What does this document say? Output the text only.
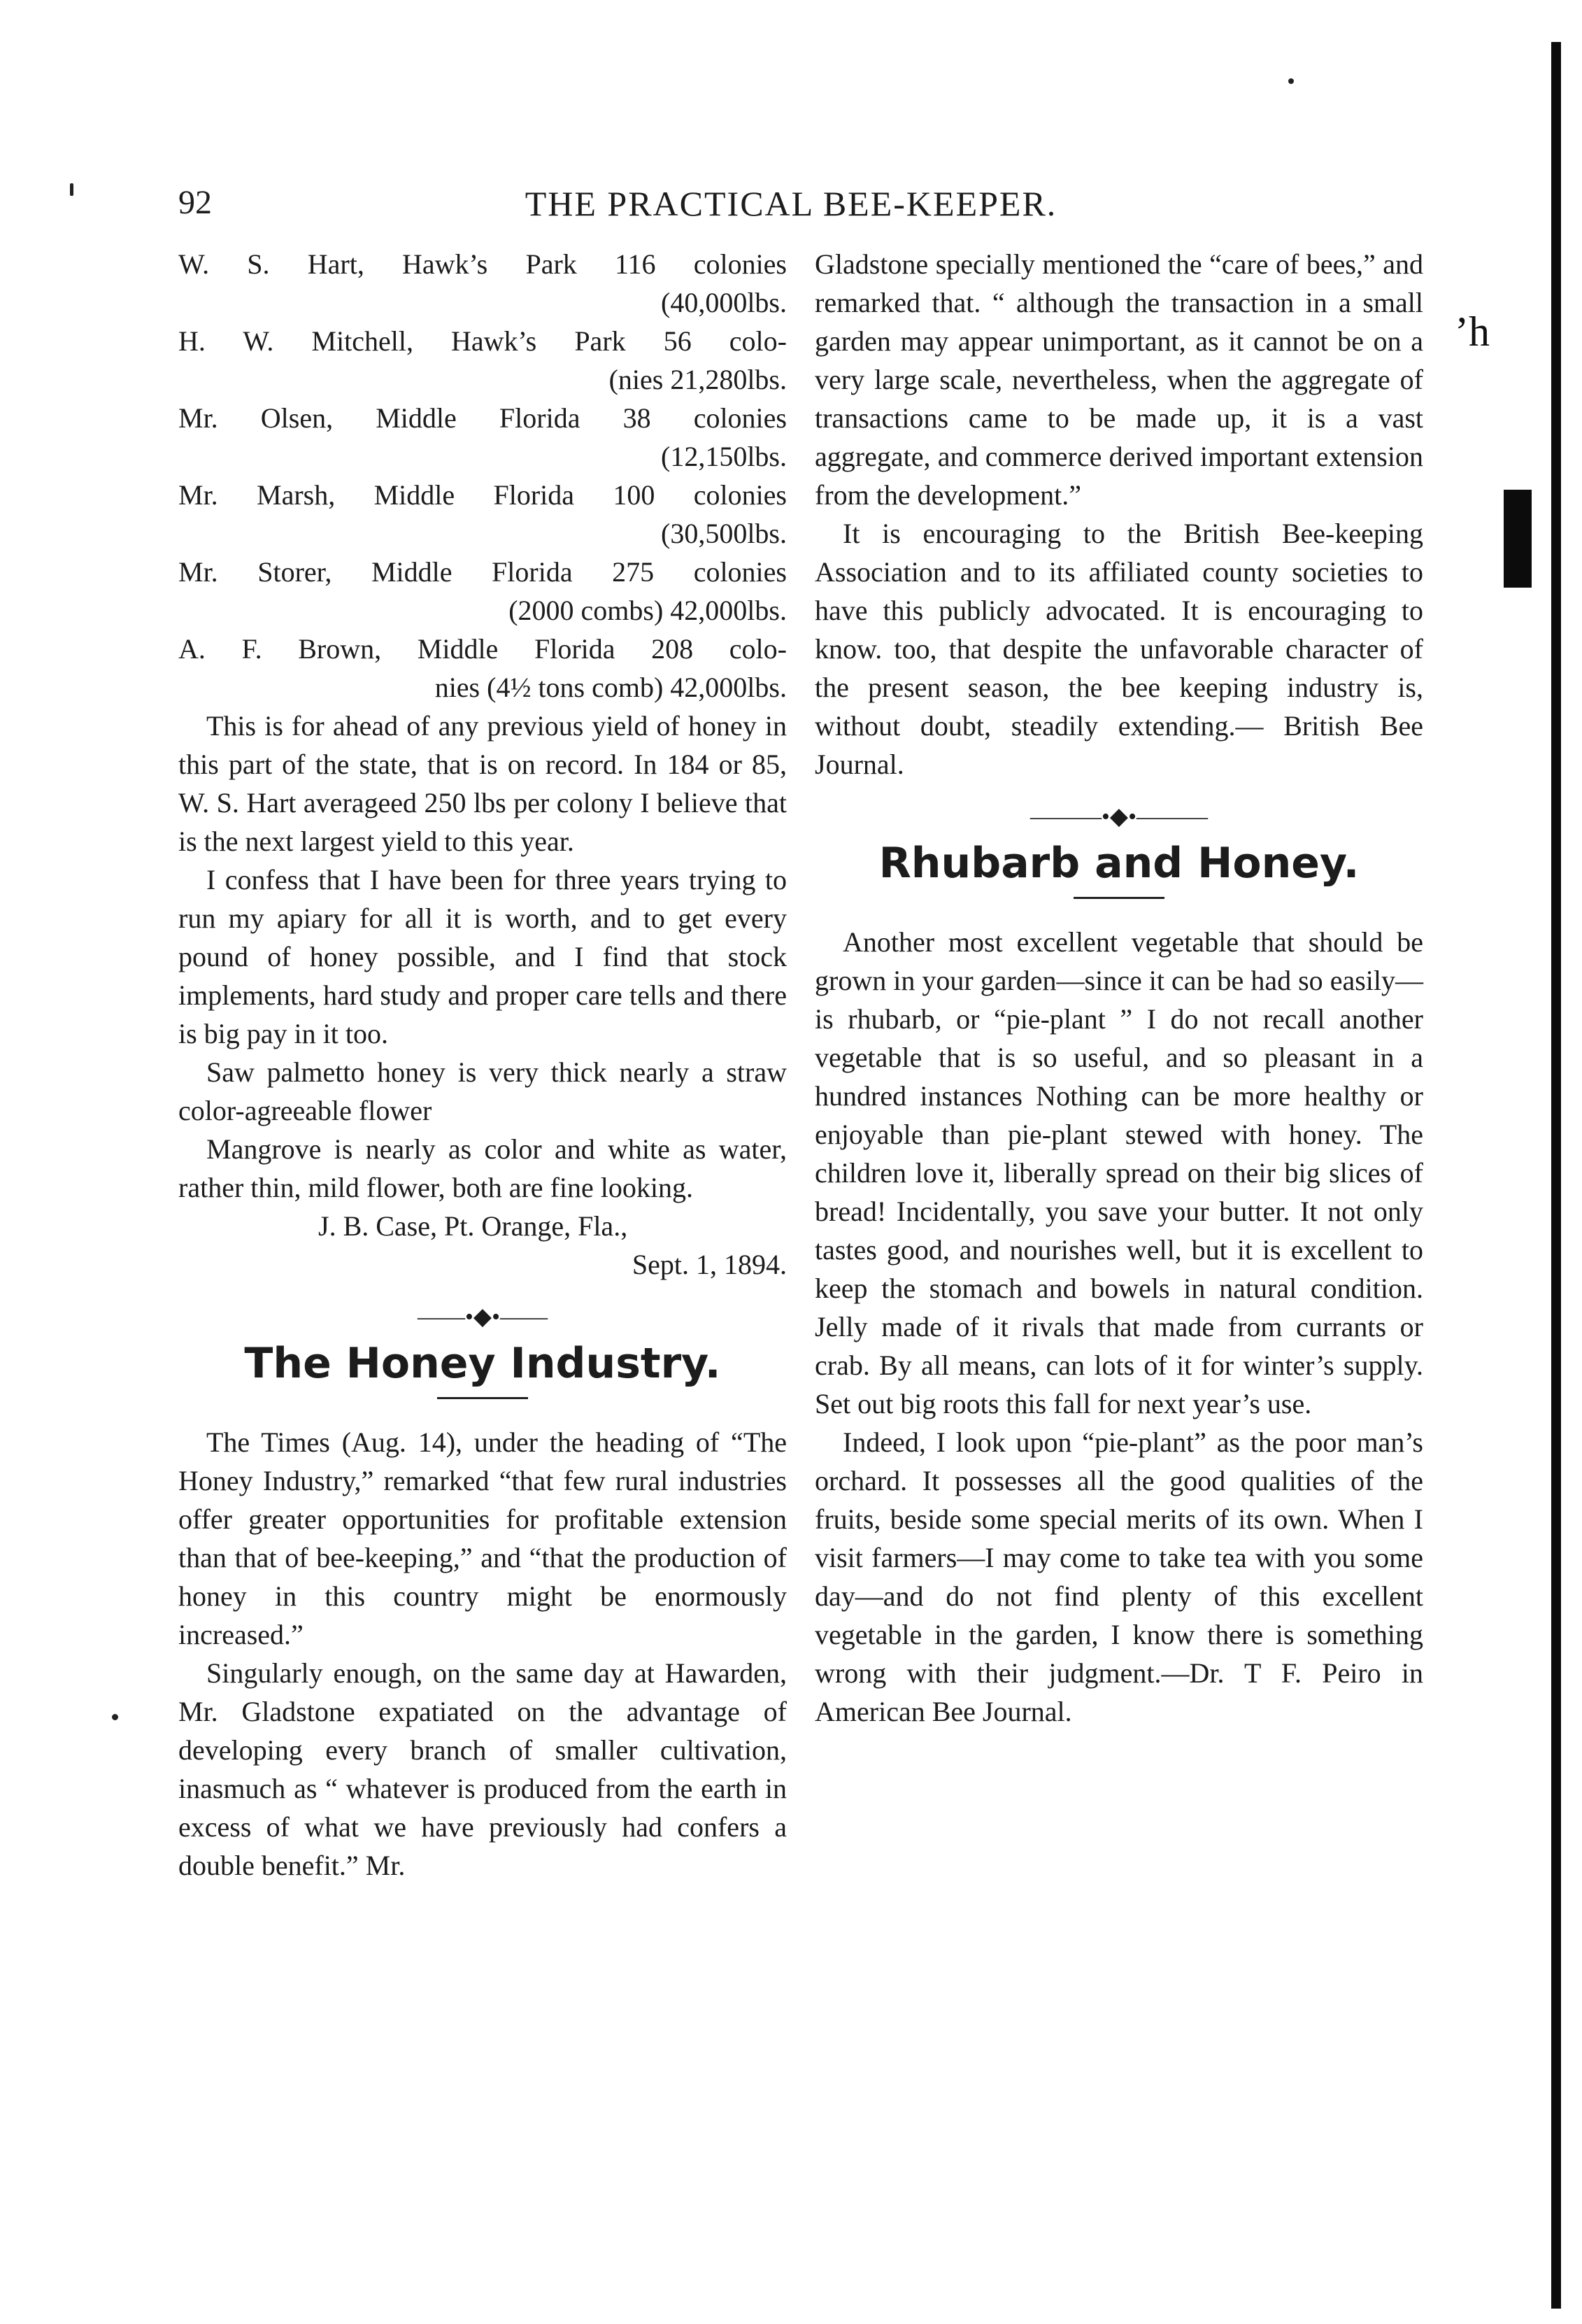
ʼh
92	THE PRACTICAL BEE-KEEPER.
W. S. Hart, Hawk’s Park 116 colonies
(40,000lbs.
H. W. Mitchell, Hawk’s Park 56 colo-
(nies 21,280lbs.
Mr. Olsen, Middle Florida 38 colonies
(12,150lbs.
Mr. Marsh, Middle Florida 100 colonies
(30,500lbs.
Mr. Storer, Middle Florida 275 colonies
(2000 combs) 42,000lbs.
A. F. Brown, Middle Florida 208 colo-
nies (4½ tons comb) 42,000lbs.

This is for ahead of any previous yield of honey in this part of the state, that is on record. In 184 or 85, W. S. Hart averageed 250 lbs per colony I believe that is the next largest yield to this year.

I confess that I have been for three years trying to run my apiary for all it is worth, and to get every pound of honey possible, and I find that stock implements, hard study and proper care tells and there is big pay in it too.

Saw palmetto honey is very thick nearly a straw color-agreeable flower

Mangrove is nearly as color and white as water, rather thin, mild flower, both are fine looking.

J. B. Case, Pt. Orange, Fla.,
Sept. 1, 1894.
——•◆•——
The Honey Industry.

The Times (Aug. 14), under the heading of “The Honey Industry,” remarked “that few rural industries offer greater opportunities for profitable extension than that of bee-keeping,” and “that the production of honey in this country might be enormously increased.”

Singularly enough, on the same day at Hawarden, Mr. Gladstone expatiated on the advantage of developing every branch of smaller cultivation, inasmuch as “ whatever is produced from the earth in excess of what we have previously had confers a double benefit.” Mr.

Gladstone specially mentioned the “care of bees,” and remarked that. “ although the transaction in a small garden may appear unimportant, as it cannot be on a very large scale, nevertheless, when the aggregate of transactions came to be made up, it is a vast aggregate, and commerce derived important extension from the development.”

It is encouraging to the British Bee-keeping Association and to its affiliated county societies to have this publicly advocated. It is encouraging to know. too, that despite the unfavorable character of the present season, the bee keeping industry is, without doubt, steadily extending.— British Bee Journal.

———•◆•———
Rhubarb and Honey.

Another most excellent vegetable that should be grown in your garden—since it can be had so easily—is rhubarb, or “pie-plant ” I do not recall another vegetable that is so useful, and so pleasant in a hundred instances Nothing can be more healthy or enjoyable than pie-plant stewed with honey. The children love it, liberally spread on their big slices of bread! Incidentally, you save your butter. It not only tastes good, and nourishes well, but it is excellent to keep the stomach and bowels in natural condition. Jelly made of it rivals that made from currants or crab. By all means, can lots of it for winter’s supply. Set out big roots this fall for next year’s use.

Indeed, I look upon “pie-plant” as the poor man’s orchard. It possesses all the good qualities of the fruits, beside some special merits of its own. When I visit farmers—I may come to take tea with you some day—and do not find plenty of this excellent vegetable in the garden, I know there is something wrong with their judgment.—Dr. T F. Peiro in American Bee Journal.
